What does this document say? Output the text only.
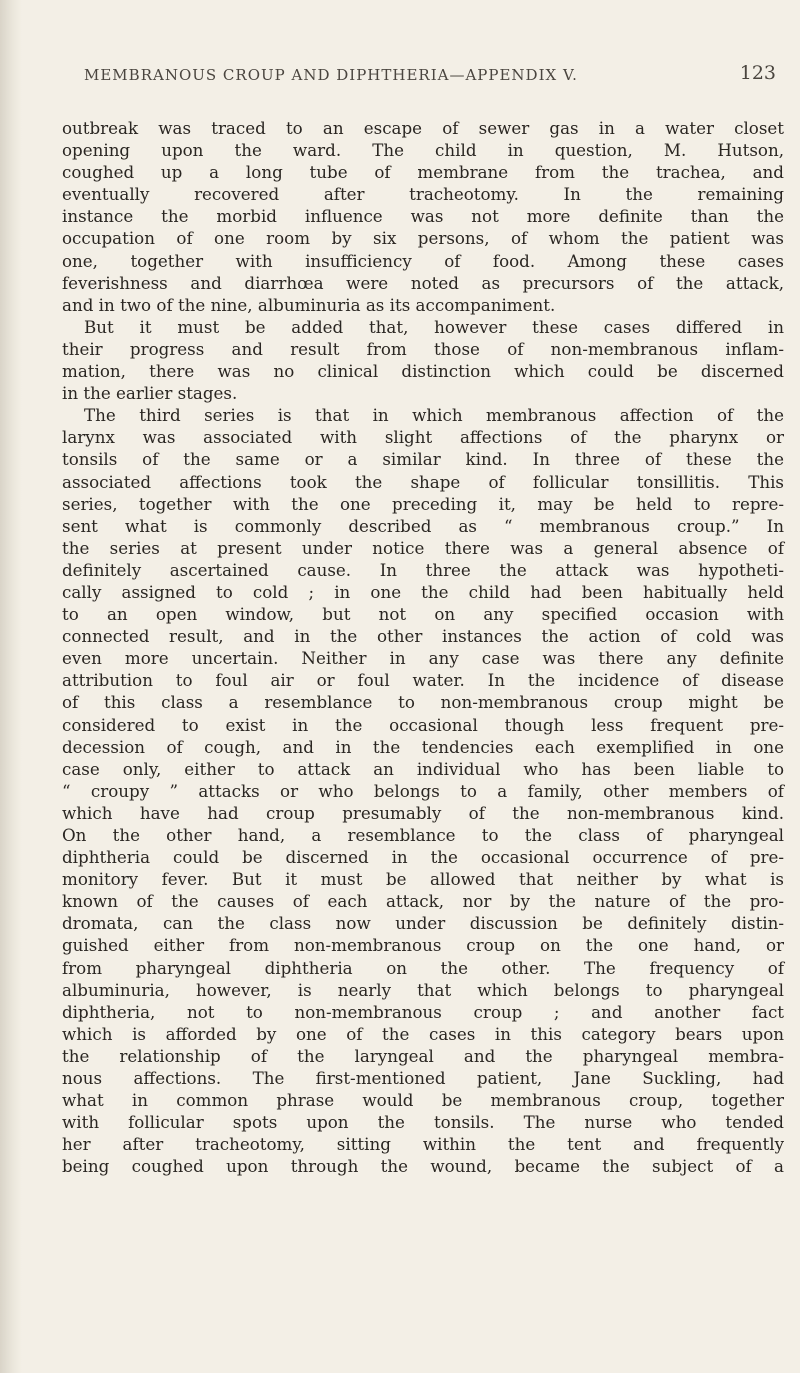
MEMBRANOUS CROUP AND DIPHTHERIA—APPENDIX V.	123
outbreak was traced to an escape of sewer gas in a water closet
opening upon the ward. The child in question, M. Hutson,
coughed up a long tube of membrane from the trachea, and
eventually recovered after tracheotomy. In the remaining
instance the morbid influence was not more definite than the
occupation of one room by six persons, of whom the patient was
one, together with insufficiency of food. Among these cases
feverishness and diarrhœa were noted as precursors of the attack,
and in two of the nine, albuminuria as its accompaniment.
But it must be added that, however these cases differed in
their progress and result from those of non-membranous inflam-
mation, there was no clinical distinction which could be discerned
in the earlier stages.
The third series is that in which membranous affection of the
larynx was associated with slight affections of the pharynx or
tonsils of the same or a similar kind. In three of these the
associated affections took the shape of follicular tonsillitis. This
series, together with the one preceding it, may be held to repre-
sent what is commonly described as “ membranous croup.” In
the series at present under notice there was a general absence of
definitely ascertained cause. In three the attack was hypotheti-
cally assigned to cold ; in one the child had been habitually held
to an open window, but not on any specified occasion with
connected result, and in the other instances the action of cold was
even more uncertain. Neither in any case was there any definite
attribution to foul air or foul water. In the incidence of disease
of this class a resemblance to non-membranous croup might be
considered to exist in the occasional though less frequent pre-
decession of cough, and in the tendencies each exemplified in one
case only, either to attack an individual who has been liable to
“ croupy ” attacks or who belongs to a family, other members of
which have had croup presumably of the non-membranous kind.
On the other hand, a resemblance to the class of pharyngeal
diphtheria could be discerned in the occasional occurrence of pre-
monitory fever. But it must be allowed that neither by what is
known of the causes of each attack, nor by the nature of the pro-
dromata, can the class now under discussion be definitely distin-
guished either from non-membranous croup on the one hand, or
from pharyngeal diphtheria on the other. The frequency of
albuminuria, however, is nearly that which belongs to pharyngeal
diphtheria, not to non-membranous croup ; and another fact
which is afforded by one of the cases in this category bears upon
the relationship of the laryngeal and the pharyngeal membra-
nous affections. The first-mentioned patient, Jane Suckling, had
what in common phrase would be membranous croup, together
with follicular spots upon the tonsils. The nurse who tended
her after tracheotomy, sitting within the tent and frequently
being coughed upon through the wound, became the subject of a
